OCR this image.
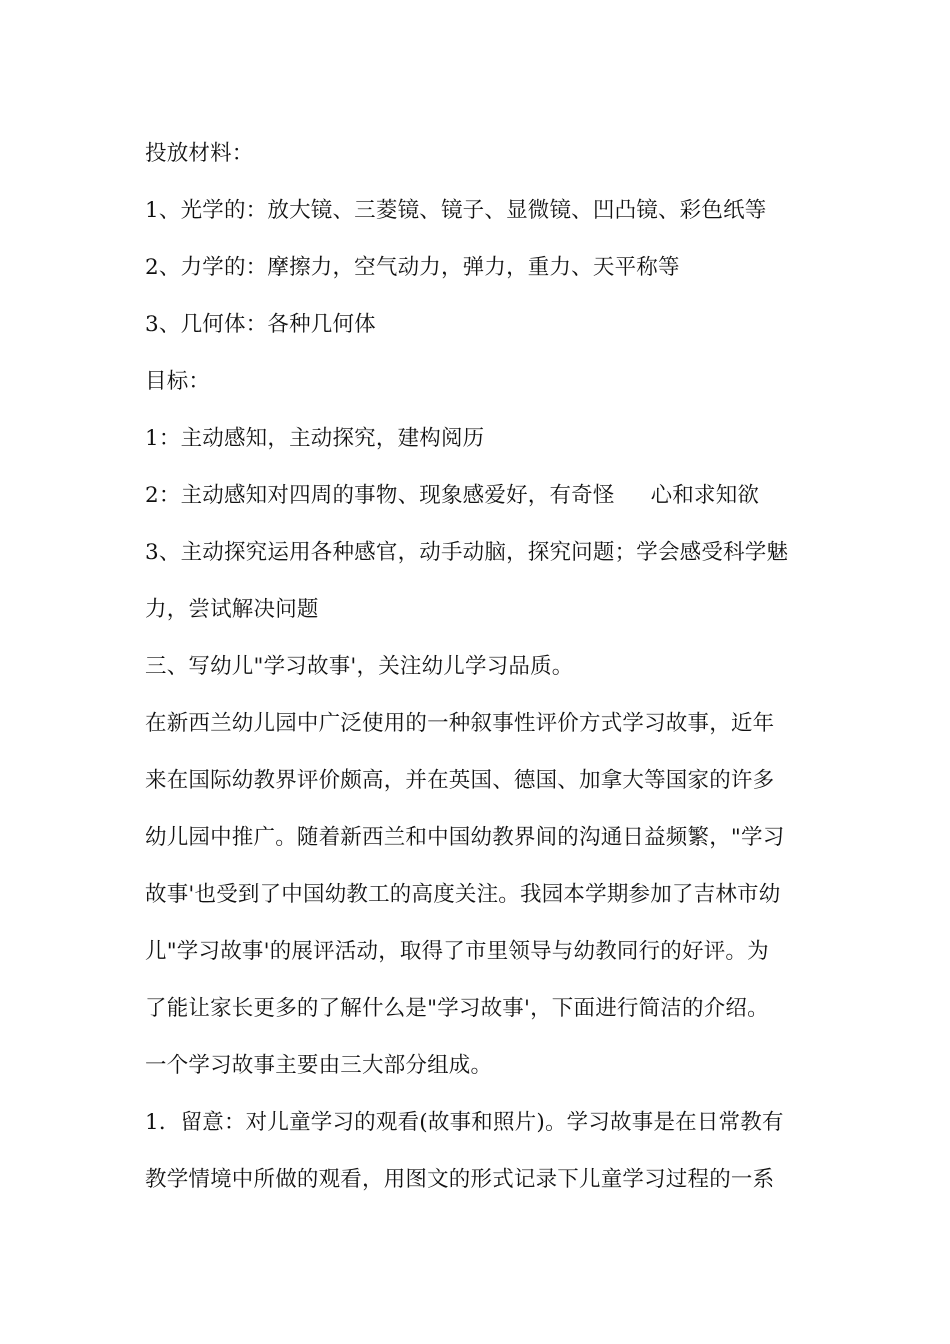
投放材料：
1、光学的：放大镜、三菱镜、镜子、显微镜、凹凸镜、彩色纸等
2、力学的：摩擦力，空气动力，弹力，重力、天平称等
3、几何体：各种几何体
目标：
1：主动感知，主动探究，建构阅历
2：主动感知对四周的事物、现象感爱好，有奇怪 心和求知欲
3、主动探究运用各种感官，动手动脑，探究问题；学会感受科学魅
力，尝试解决问题
三、写幼儿"学习故事'，关注幼儿学习品质。
在新西兰幼儿园中广泛使用的一种叙事性评价方式学习故事，近年
来在国际幼教界评价颇高，并在英国、德国、加拿大等国家的许多
幼儿园中推广。随着新西兰和中国幼教界间的沟通日益频繁，"学习
故事'也受到了中国幼教工的高度关注。我园本学期参加了吉林市幼
儿"学习故事'的展评活动，取得了市里领导与幼教同行的好评。为
了能让家长更多的了解什么是"学习故事'，下面进行简洁的介绍。
一个学习故事主要由三大部分组成。
1．留意：对儿童学习的观看(故事和照片)。学习故事是在日常教有
教学情境中所做的观看，用图文的形式记录下儿童学习过程的一系
